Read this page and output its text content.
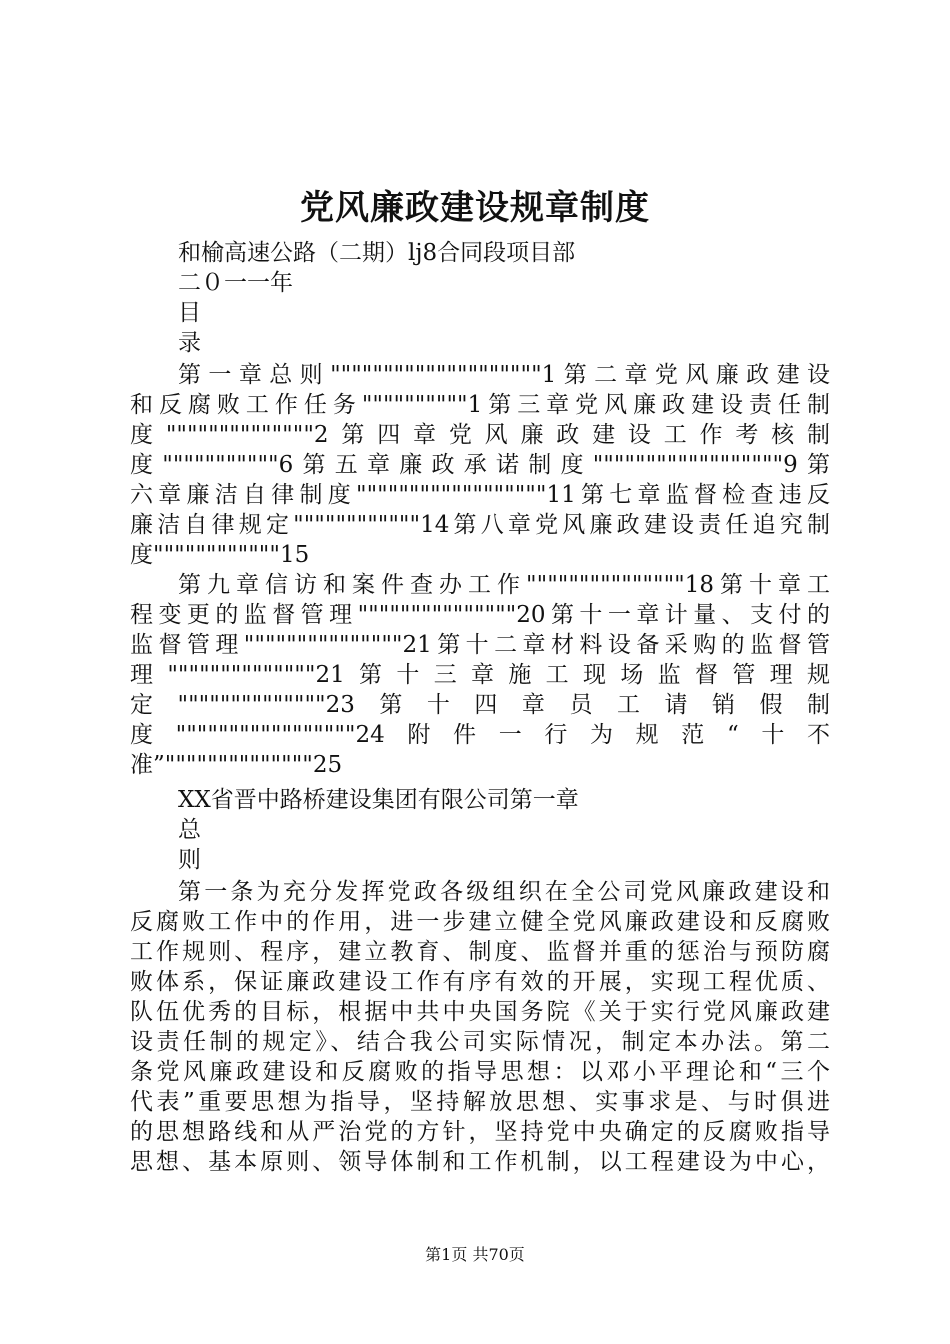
党风廉政建设规章制度
和榆高速公路（二期）lj8合同段项目部
二０一一年
目
录
第一章总则""""""""""""""""""""1第二章党风廉政建设
和反腐败工作任务""""""""""1第三章党风廉政建设责任制
度""""""""""""""2第四章党风廉政建设工作考核制
度"""""""""""6第五章廉政承诺制度""""""""""""""""""9第
六章廉洁自律制度""""""""""""""""""11第七章监督检查违反
廉洁自律规定""""""""""""14第八章党风廉政建设责任追究制
度""""""""""""15
第九章信访和案件查办工作"""""""""""""""18第十章工
程变更的监督管理"""""""""""""""20第十一章计量、支付的
监督管理"""""""""""""""21第十二章材料设备采购的监督管
理""""""""""""""21第十三章施工现场监督管理规
定""""""""""""""23第十四章员工请销假制
度"""""""""""""""""24附件一行为规范“十不
准”""""""""""""""25
XX省晋中路桥建设集团有限公司第一章
总
则
第一条为充分发挥党政各级组织在全公司党风廉政建设和
反腐败工作中的作用，进一步建立健全党风廉政建设和反腐败
工作规则、程序，建立教育、制度、监督并重的惩治与预防腐
败体系，保证廉政建设工作有序有效的开展，实现工程优质、
队伍优秀的目标，根据中共中央国务院《关于实行党风廉政建
设责任制的规定》、结合我公司实际情况，制定本办法。第二
条党风廉政建设和反腐败的指导思想：以邓小平理论和“三个
代表”重要思想为指导，坚持解放思想、实事求是、与时俱进
的思想路线和从严治党的方针，坚持党中央确定的反腐败指导
思想、基本原则、领导体制和工作机制，以工程建设为中心，
第1页 共70页
